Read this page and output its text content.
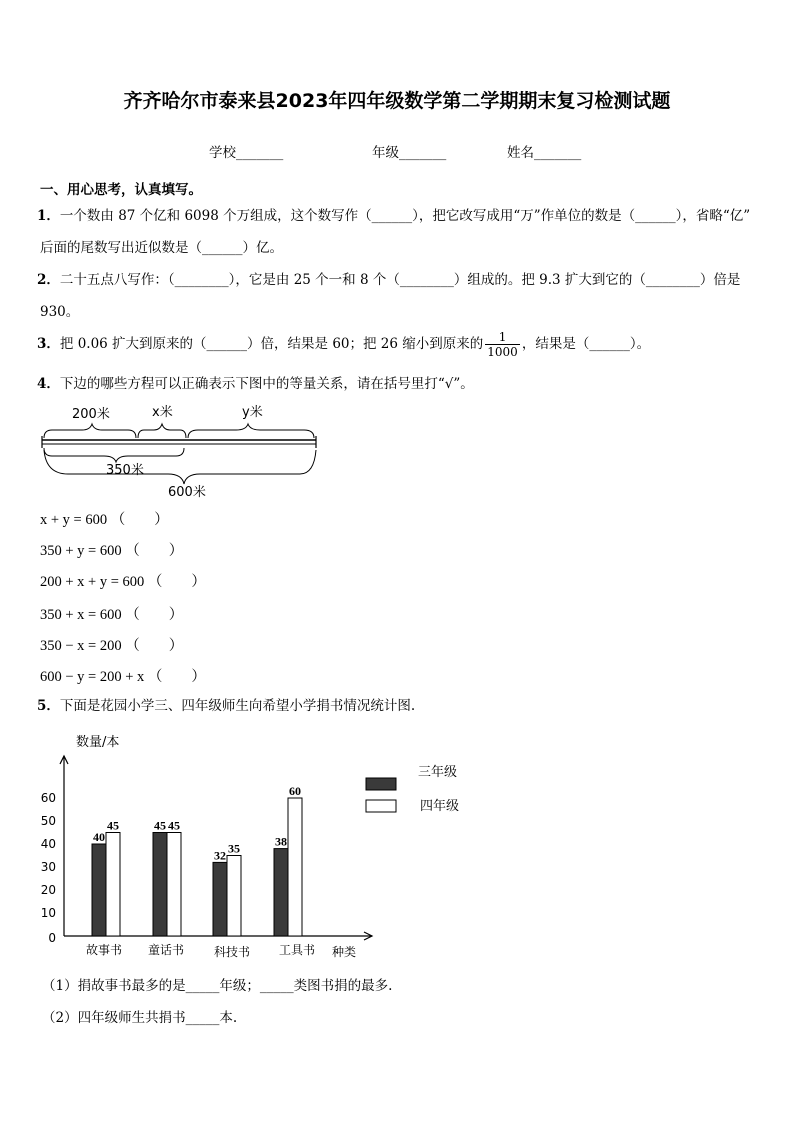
齐齐哈尔市泰来县2023年四年级数学第二学期期末复习检测试题
学校_______	年级_______	姓名_______
一、用心思考，认真填写。
1．一个数由 87 个亿和 6098 个万组成，这个数写作（______），把它改写成用“万”作单位的数是（______），省略“亿”
后面的尾数写出近似数是（______）亿。
2．二十五点八写作：（________），它是由 25 个一和 8 个（________）组成的。把 9.3 扩大到它的（________）倍是
930。
3．把 0.06 扩大到原来的（______）倍，结果是 60；把 26 缩小到原来的 $\frac{1}{1000}$ ，结果是（______）。
4．下边的哪些方程可以正确表示下图中的等量关系，请在括号里打“√”。
200米	x米	y米
350米
600米
x + y = 600 （　　）
350 + y = 600 （　　）
200 + x + y = 600 （　　）
350 + x = 600 （　　）
350 − x = 200 （　　）
600 − y = 200 + x （　　）
5．下面是花园小学三、四年级师生向希望小学捐书情况统计图.
数量/本
种类
0
10
20
30
40
50
60
40
45
故事书
45 45
童话书
32 35
科技书
38
60
工具书
三年级
四年级
（1）捐故事书最多的是_____年级；_____类图书捐的最多.
（2）四年级师生共捐书_____本.
